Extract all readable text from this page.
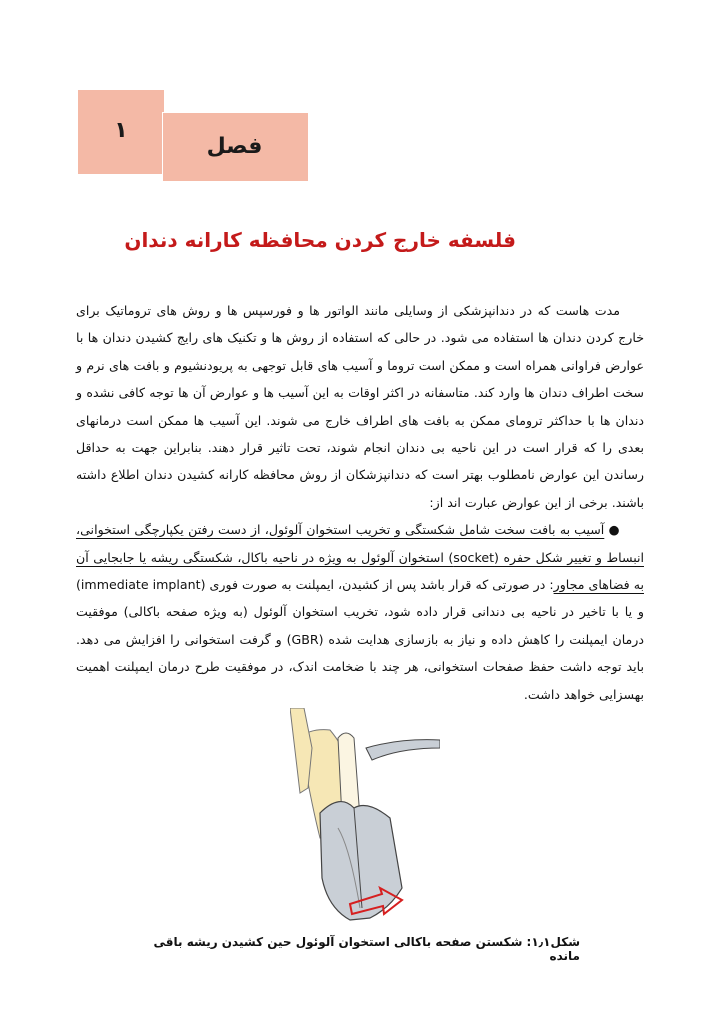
۱
فصل
فلسفه خارج کردن محافظه کارانه دندان

مدت هاست که در دندانپزشکی از وسایلی مانند الواتور ها و فورسپس ها و روش های تروماتیک برای خارج کردن دندان ها استفاده می شود. در حالی که استفاده از روش ها و تکنیک های رایج کشیدن دندان ها با عوارض فراوانی همراه است و ممکن است تروما و آسیب های قابل توجهی به پریودنشیوم و بافت های نرم و سخت اطراف دندان ها وارد کند. متاسفانه در اکثر اوقات به این آسیب ها و عوارض آن ها توجه کافی نشده و دندان ها با حداکثر ترومای ممکن به بافت های اطراف خارج می شوند. این آسیب ها ممکن است درمانهای بعدی را که قرار است در این ناحیه بی دندان انجام شوند، تحت تاثیر قرار دهند. بنابراین جهت به حداقل رساندن این عوارض نامطلوب بهتر است که دندانپزشکان از روش محافظه کارانه کشیدن دندان اطلاع داشته باشند. برخی از این عوارض عبارت اند از:

● آسیب به بافت سخت شامل شکستگی و تخریب استخوان آلوئول، از دست رفتن یکپارچگی استخوانی، انبساط و تغییر شکل حفره (socket) استخوان آلوئول به ویژه در ناحیه باکال، شکستگی ریشه یا جابجایی آن به فضاهای مجاور: در صورتی که قرار باشد پس از کشیدن، ایمپلنت به صورت فوری (immediate implant) و یا با تاخیر در ناحیه بی دندانی قرار داده شود، تخریب استخوان آلوئول (به ویژه صفحه باکالی) موفقیت درمان ایمپلنت را کاهش داده و نیاز به بازسازی هدایت شده (GBR) و گرفت استخوانی را افزایش می دهد. باید توجه داشت حفظ صفحات استخوانی، هر چند با ضخامت اندک، در موفقیت طرح درمان ایمپلنت اهمیت بهسزایی خواهد داشت.

شکل۱٫۱: شکستن صفحه باکالی استخوان آلوئول حین کشیدن ریشه باقی مانده
